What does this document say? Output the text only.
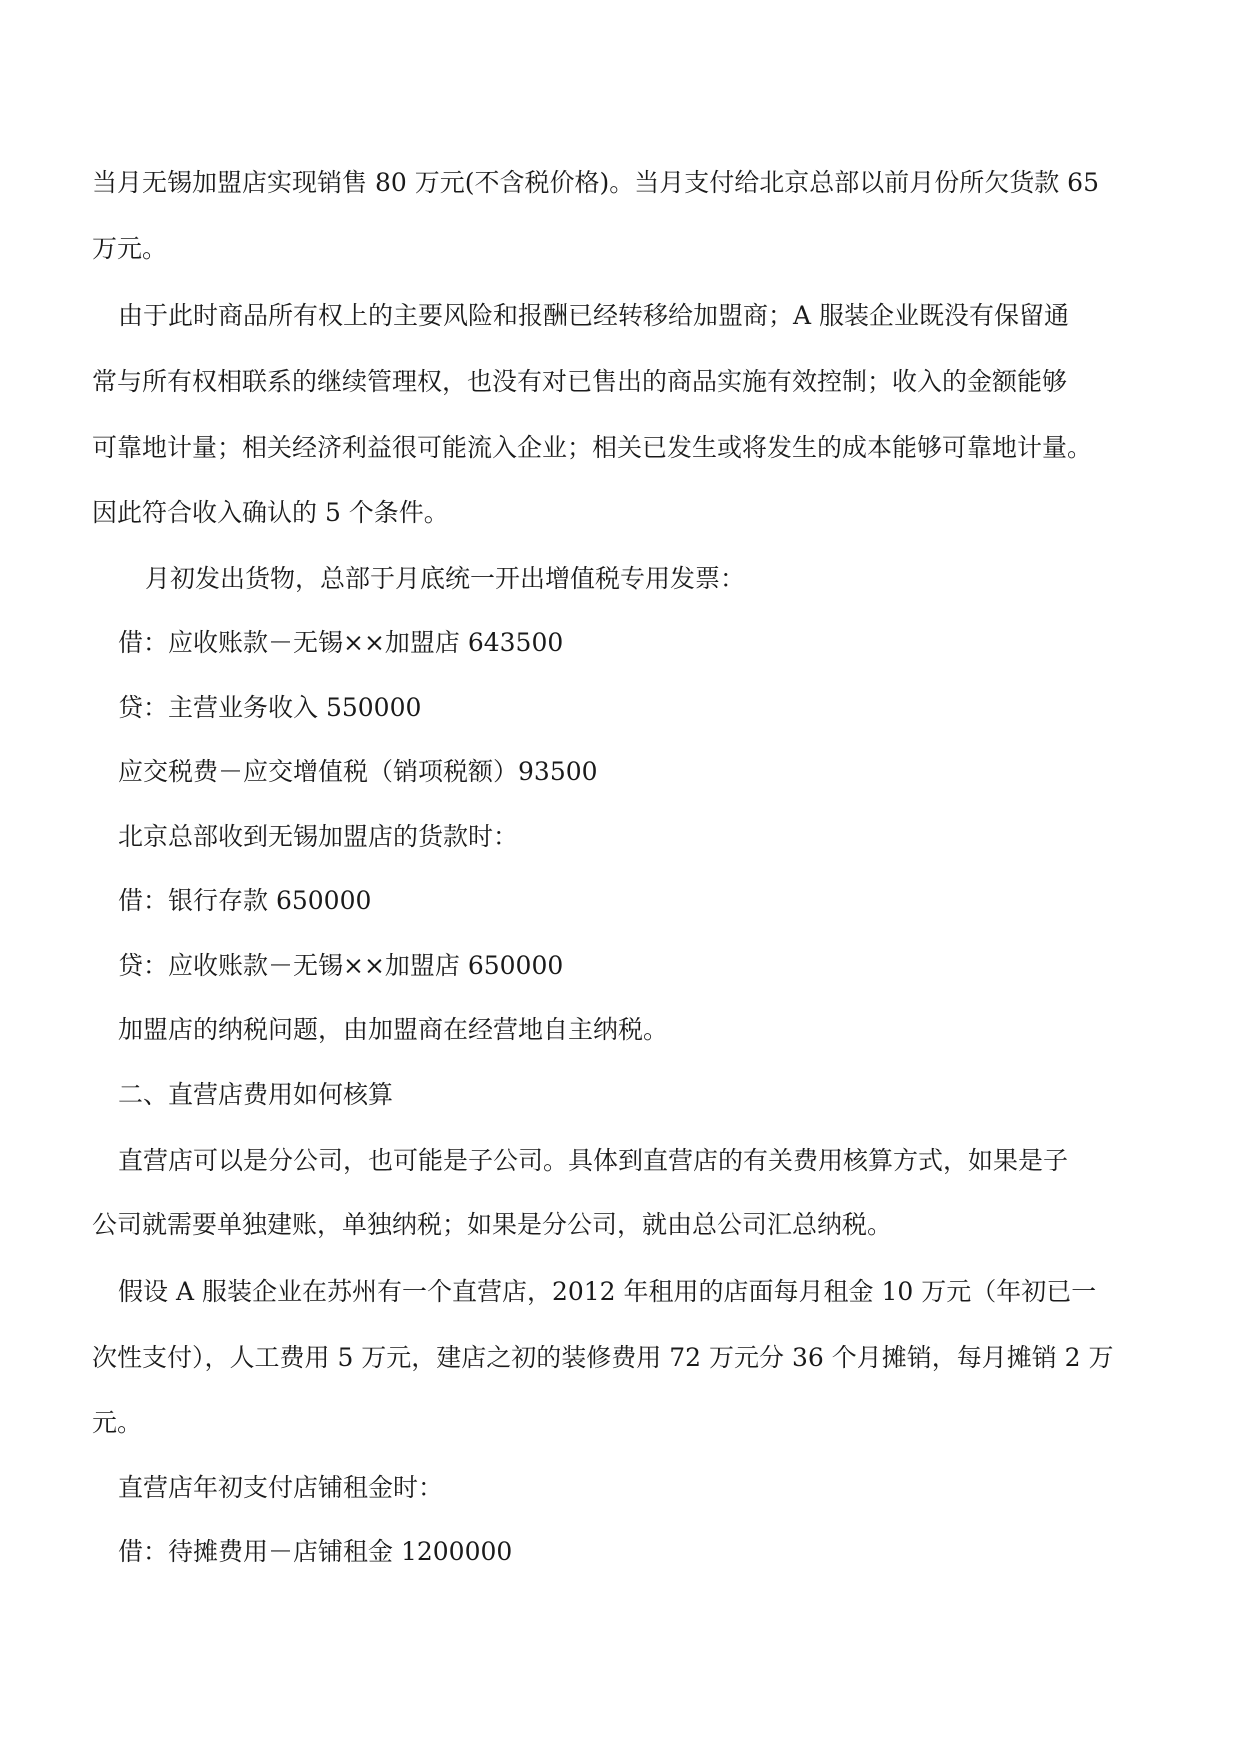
当月无锡加盟店实现销售 80 万元(不含税价格)。当月支付给北京总部以前月份所欠货款 65
万元。
由于此时商品所有权上的主要风险和报酬已经转移给加盟商；A 服装企业既没有保留通
常与所有权相联系的继续管理权，也没有对已售出的商品实施有效控制；收入的金额能够
可靠地计量；相关经济利益很可能流入企业；相关已发生或将发生的成本能够可靠地计量。
因此符合收入确认的 5 个条件。
月初发出货物，总部于月底统一开出增值税专用发票：
借：应收账款－无锡××加盟店 643500
贷：主营业务收入 550000
应交税费－应交增值税（销项税额）93500
北京总部收到无锡加盟店的货款时：
借：银行存款 650000
贷：应收账款－无锡××加盟店 650000
加盟店的纳税问题，由加盟商在经营地自主纳税。
二、直营店费用如何核算
直营店可以是分公司，也可能是子公司。具体到直营店的有关费用核算方式，如果是子
公司就需要单独建账，单独纳税；如果是分公司，就由总公司汇总纳税。
假设 A 服装企业在苏州有一个直营店，2012 年租用的店面每月租金 10 万元（年初已一
次性支付），人工费用 5 万元，建店之初的装修费用 72 万元分 36 个月摊销，每月摊销 2 万
元。
直营店年初支付店铺租金时：
借：待摊费用－店铺租金 1200000
